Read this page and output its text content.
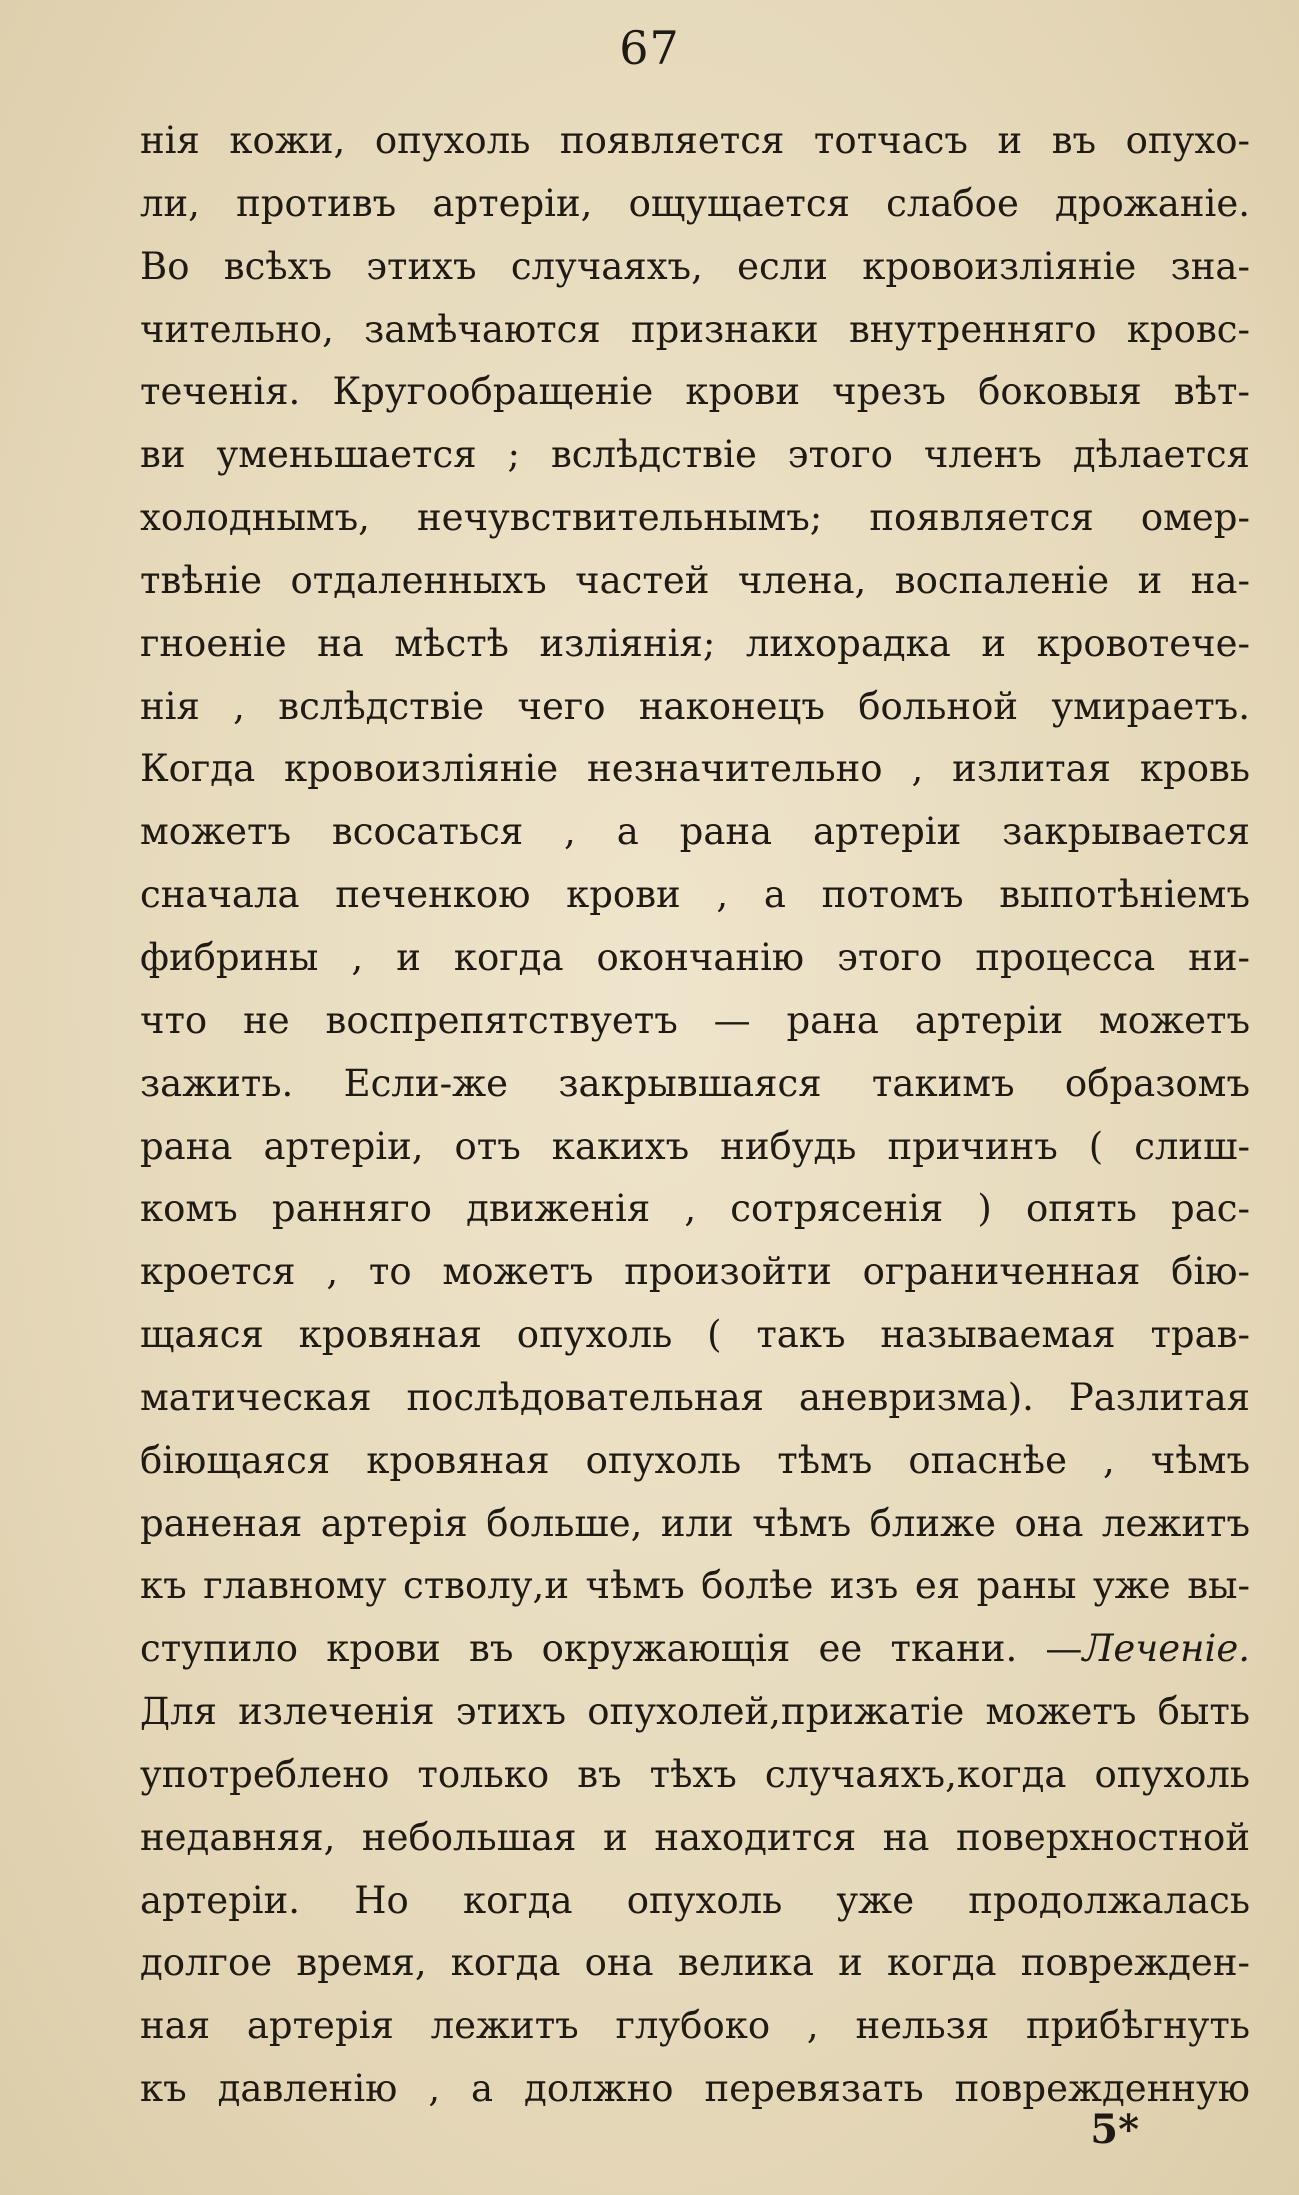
67
нія кожи, опухоль появляется тотчасъ и въ опухо-
ли, противъ артеріи, ощущается слабое дрожаніе.
Во всѣхъ этихъ случаяхъ, если кровоизліяніе зна-
чительно, замѣчаются признаки внутренняго кровс-
теченія. Кругообращеніе крови чрезъ боковыя вѣт-
ви уменьшается ; вслѣдствіе этого членъ дѣлается
холоднымъ, нечувствительнымъ; появляется омер-
твѣніе отдаленныхъ частей члена, воспаленіе и на-
гноеніе на мѣстѣ изліянія; лихорадка и кровотече-
нія , вслѣдствіе чего наконецъ больной умираетъ.
Когда кровоизліяніе незначительно , излитая кровь
можетъ всосаться , а рана артеріи закрывается
сначала печенкою крови , а потомъ выпотѣніемъ
фибрины , и когда окончанію этого процесса ни-
что не воспрепятствуетъ — рана артеріи можетъ
зажить. Если-же закрывшаяся такимъ образомъ
рана артеріи, отъ какихъ нибудь причинъ ( слиш-
комъ ранняго движенія , сотрясенія ) опять рас-
кроется , то можетъ произойти ограниченная бію-
щаяся кровяная опухоль ( такъ называемая трав-
матическая послѣдовательная аневризма). Разлитая
біющаяся кровяная опухоль тѣмъ опаснѣе , чѣмъ
раненая артерія больше, или чѣмъ ближе она лежитъ
къ главному стволу,и чѣмъ болѣе изъ ея раны уже вы-
ступило крови въ окружающія ее ткани. —Леченіе.
Для излеченія этихъ опухолей,прижатіе можетъ быть
употреблено только въ тѣхъ случаяхъ,когда опухоль
недавняя, небольшая и находится на поверхностной
артеріи. Но когда опухоль уже продолжалась
долгое время, когда она велика и когда поврежден-
ная артерія лежитъ глубоко , нельзя прибѣгнуть
къ давленію , а должно перевязать поврежденную
5*
